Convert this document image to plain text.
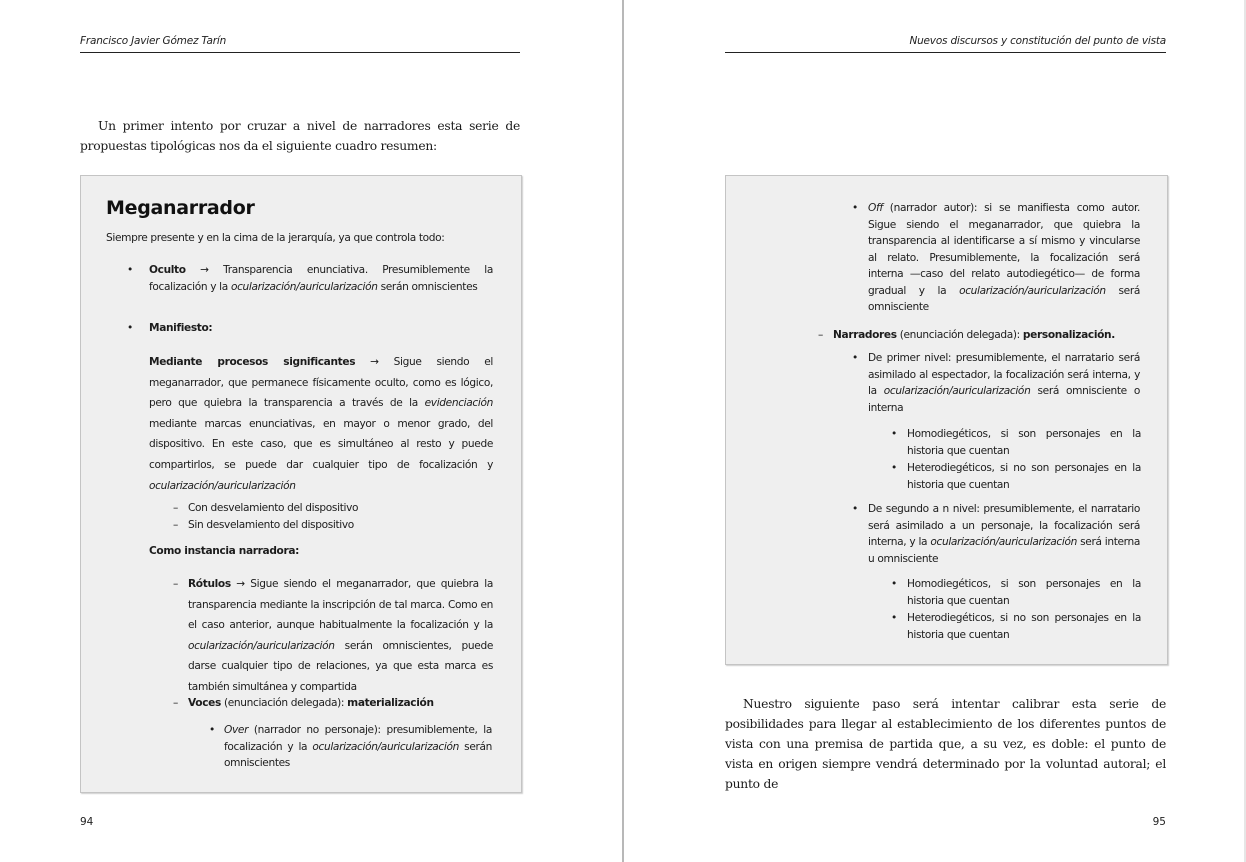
Francisco Javier Gómez Tarín
Un primer intento por cruzar a nivel de narradores esta serie de propuestas tipológicas nos da el siguiente cuadro resumen:
Meganarrador
Siempre presente y en la cima de la jerarquía, ya que controla todo:
• Oculto → Transparencia enunciativa. Presumiblemente la focalización y la ocularización/auricularización serán omniscientes
• Manifiesto:
Mediante procesos significantes → Sigue siendo el meganarrador, que permanece físicamente oculto, como es lógico, pero que quiebra la transparencia a través de la evidenciación mediante marcas enunciativas, en mayor o menor grado, del dispositivo. En este caso, que es simultáneo al resto y puede compartirlos, se puede dar cualquier tipo de focalización y ocularización/auricularización
– Con desvelamiento del dispositivo
– Sin desvelamiento del dispositivo
Como instancia narradora:
– Rótulos → Sigue siendo el meganarrador, que quiebra la transparencia mediante la inscripción de tal marca. Como en el caso anterior, aunque habitualmente la focalización y la ocularización/auricularización serán omniscientes, puede darse cualquier tipo de relaciones, ya que esta marca es también simultánea y compartida
– Voces (enunciación delegada): materialización
• Over (narrador no personaje): presumiblemente, la focalización y la ocularización/auricularización serán omniscientes
94
Nuevos discursos y constitución del punto de vista
• Off (narrador autor): si se manifiesta como autor. Sigue siendo el meganarrador, que quiebra la transparencia al identificarse a sí mismo y vincularse al relato. Presumiblemente, la focalización será interna —caso del relato autodiegético— de forma gradual y la ocularización/auricularización será omnisciente
– Narradores (enunciación delegada): personalización.
• De primer nivel: presumiblemente, el narratario será asimilado al espectador, la focalización será interna, y la ocularización/auricularización será omnisciente o interna
• Homodiegéticos, si son personajes en la historia que cuentan
• Heterodiegéticos, si no son personajes en la historia que cuentan
• De segundo a n nivel: presumiblemente, el narratario será asimilado a un personaje, la focalización será interna, y la ocularización/auricularización será interna u omnisciente
• Homodiegéticos, si son personajes en la historia que cuentan
• Heterodiegéticos, si no son personajes en la historia que cuentan
Nuestro siguiente paso será intentar calibrar esta serie de posibilidades para llegar al establecimiento de los diferentes puntos de vista con una premisa de partida que, a su vez, es doble: el punto de vista en origen siempre vendrá determinado por la voluntad autoral; el punto de
95
